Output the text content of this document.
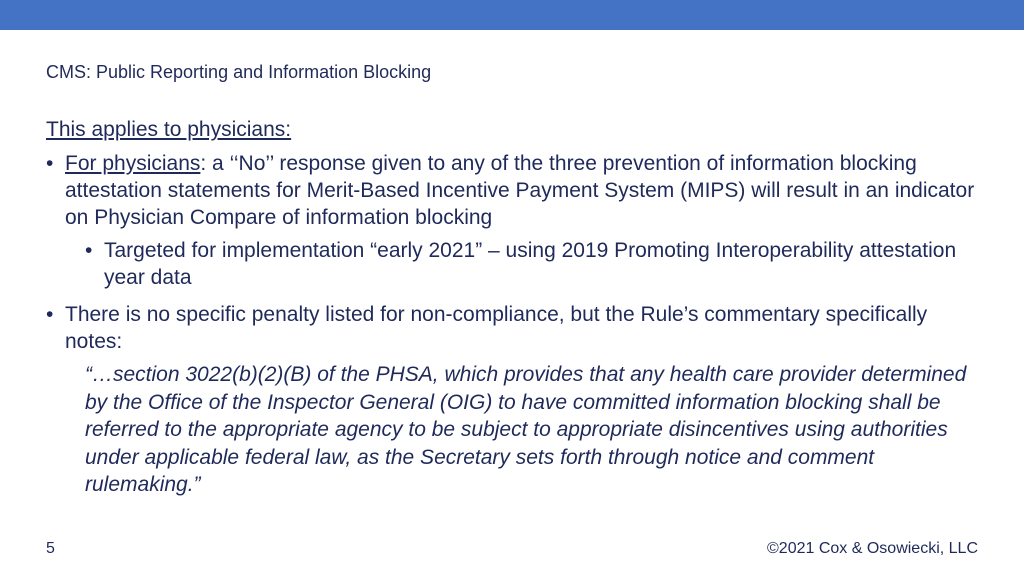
CMS: Public Reporting and Information Blocking
This applies to physicians:
• For physicians: a ‘‘No’’ response given to any of the three prevention of information blocking attestation statements for Merit-Based Incentive Payment System (MIPS) will result in an indicator on Physician Compare of information blocking
• Targeted for implementation “early 2021” – using 2019 Promoting Interoperability attestation year data
• There is no specific penalty listed for non-compliance, but the Rule’s commentary specifically notes:
“…section 3022(b)(2)(B) of the PHSA, which provides that any health care provider determined by the Office of the Inspector General (OIG) to have committed information blocking shall be referred to the appropriate agency to be subject to appropriate disincentives using authorities under applicable federal law, as the Secretary sets forth through notice and comment rulemaking.”
5	©2021 Cox & Osowiecki, LLC
